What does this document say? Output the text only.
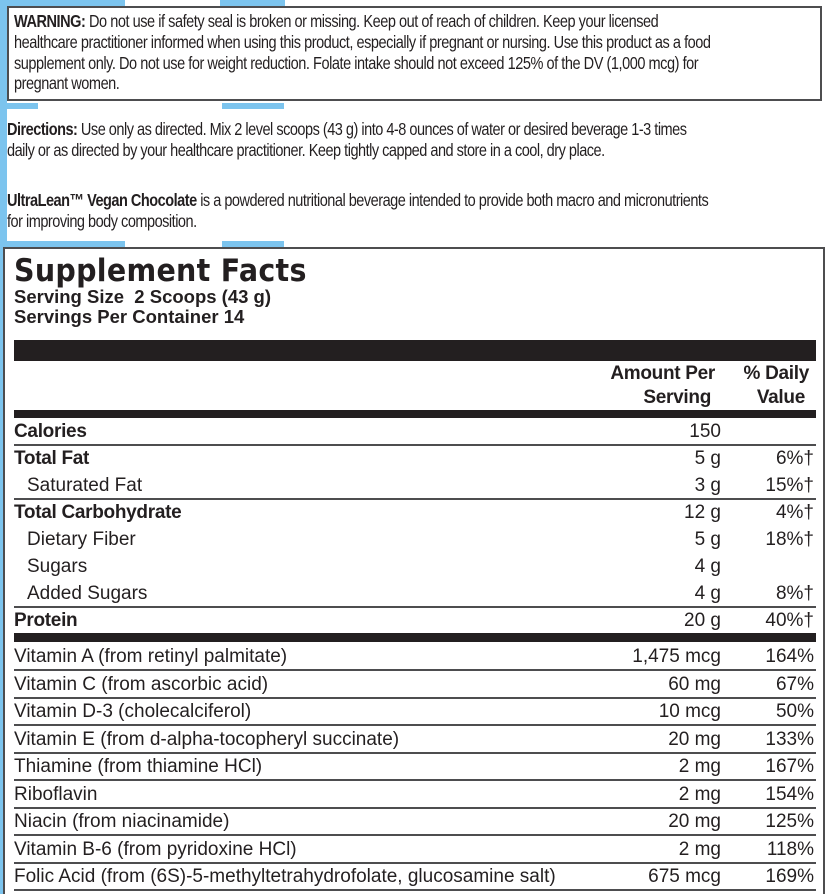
WARNING: Do not use if safety seal is broken or missing. Keep out of reach of children. Keep your licensed
healthcare practitioner informed when using this product, especially if pregnant or nursing. Use this product as a food
supplement only. Do not use for weight reduction. Folate intake should not exceed 125% of the DV (1,000 mcg) for
pregnant women.
Directions: Use only as directed. Mix 2 level scoops (43 g) into 4-8 ounces of water or desired beverage 1-3 times
daily or as directed by your healthcare practitioner. Keep tightly capped and store in a cool, dry place.
UltraLean™ Vegan Chocolate is a powdered nutritional beverage intended to provide both macro and micronutrients
for improving body composition.
Supplement Facts
Serving Size  2 Scoops (43 g)
Servings Per Container 14
Amount Per
Serving
% Daily
Value
Calories	150
Total Fat	5 g	6%†
Saturated Fat	3 g 15%†
Total Carbohydrate	12 g	4%†
Dietary Fiber	5 g 18%†
Sugars	4 g
Added Sugars	4 g	8%†
Protein	20 g 40%†
Vitamin A (from retinyl palmitate)	1,475 mcg 164%
Vitamin C (from ascorbic acid)	60 mg	67%
Vitamin D-3 (cholecalciferol)	10 mcg	50%
Vitamin E (from d-alpha-tocopheryl succinate)	20 mg 133%
Thiamine (from thiamine HCl)	2 mg 167%
Riboflavin	2 mg 154%
Niacin (from niacinamide)	20 mg 125%
Vitamin B-6 (from pyridoxine HCl)	2 mg 118%
Folic Acid (from (6S)-5-methyltetrahydrofolate, glucosamine salt)	675 mcg 169%
